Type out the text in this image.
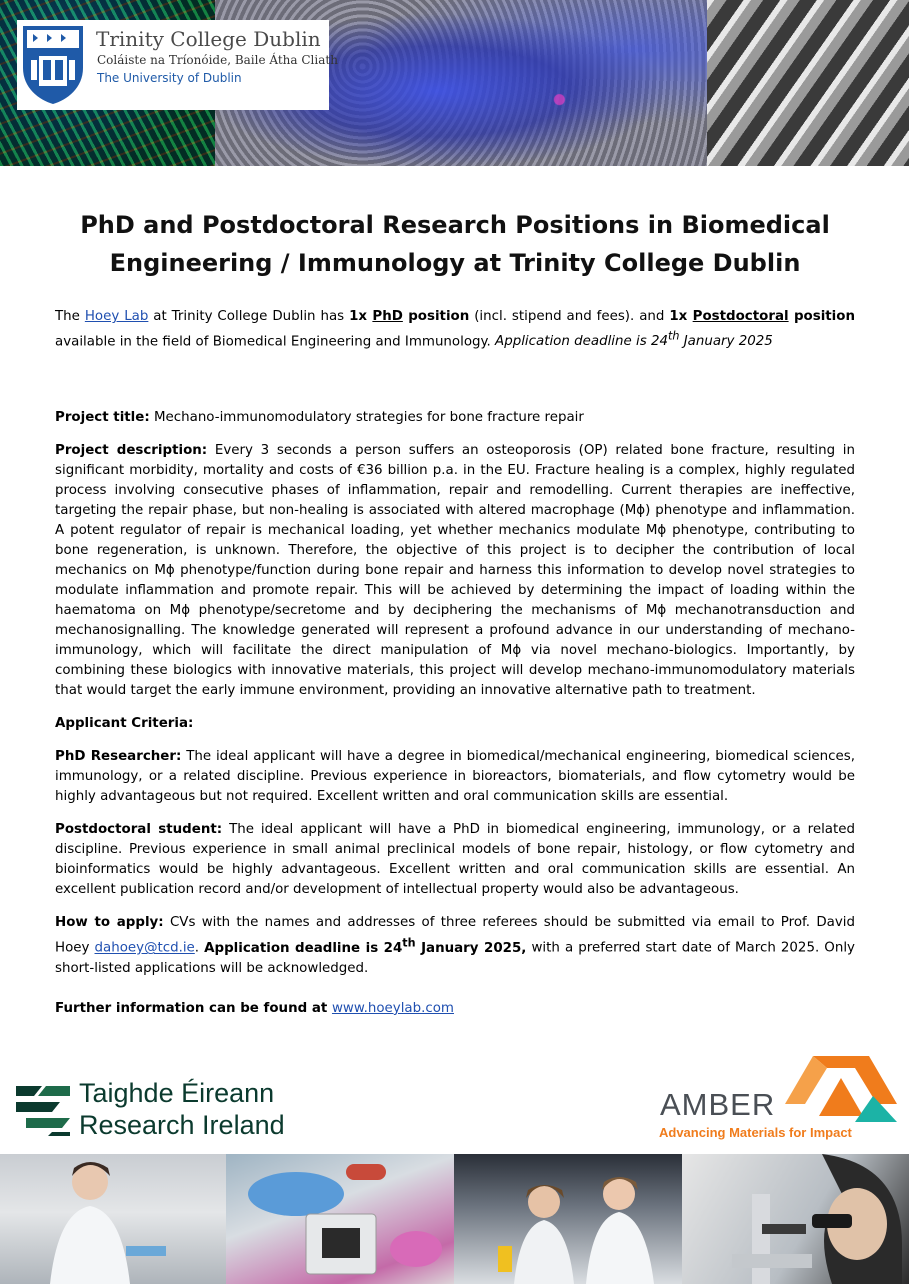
Trinity College Dublin
Coláiste na Tríonóide, Baile Átha Cliath
The University of Dublin
PhD and Postdoctoral Research Positions in Biomedical
Engineering / Immunology at Trinity College Dublin

The Hoey Lab at Trinity College Dublin has 1x PhD position (incl. stipend and fees). and 1x Postdoctoral position available in the field of Biomedical Engineering and Immunology. Application deadline is 24th January 2025

Project title: Mechano-immunomodulatory strategies for bone fracture repair

Project description: Every 3 seconds a person suffers an osteoporosis (OP) related bone fracture, resulting in significant morbidity, mortality and costs of €36 billion p.a. in the EU. Fracture healing is a complex, highly regulated process involving consecutive phases of inflammation, repair and remodelling. Current therapies are ineffective, targeting the repair phase, but non-healing is associated with altered macrophage (Mϕ) phenotype and inflammation. A potent regulator of repair is mechanical loading, yet whether mechanics modulate Mϕ phenotype, contributing to bone regeneration, is unknown. Therefore, the objective of this project is to decipher the contribution of local mechanics on Mϕ phenotype/function during bone repair and harness this information to develop novel strategies to modulate inflammation and promote repair. This will be achieved by determining the impact of loading within the haematoma on Mϕ phenotype/secretome and by deciphering the mechanisms of Mϕ mechanotransduction and mechanosignalling. The knowledge generated will represent a profound advance in our understanding of mechano-immunology, which will facilitate the direct manipulation of Mϕ via novel mechano-biologics. Importantly, by combining these biologics with innovative materials, this project will develop mechano-immunomodulatory materials that would target the early immune environment, providing an innovative alternative path to treatment.

Applicant Criteria:

PhD Researcher: The ideal applicant will have a degree in biomedical/mechanical engineering, biomedical sciences, immunology, or a related discipline. Previous experience in bioreactors, biomaterials, and flow cytometry would be highly advantageous but not required. Excellent written and oral communication skills are essential.

Postdoctoral student: The ideal applicant will have a PhD in biomedical engineering, immunology, or a related discipline. Previous experience in small animal preclinical models of bone repair, histology, or flow cytometry and bioinformatics would be highly advantageous. Excellent written and oral communication skills are essential. An excellent publication record and/or development of intellectual property would also be advantageous.

How to apply: CVs with the names and addresses of three referees should be submitted via email to Prof. David Hoey dahoey@tcd.ie. Application deadline is 24th January 2025, with a preferred start date of March 2025. Only short-listed applications will be acknowledged.

Further information can be found at www.hoeylab.com

Taighde Éireann
Research Ireland
AMBER
Advancing Materials for Impact
